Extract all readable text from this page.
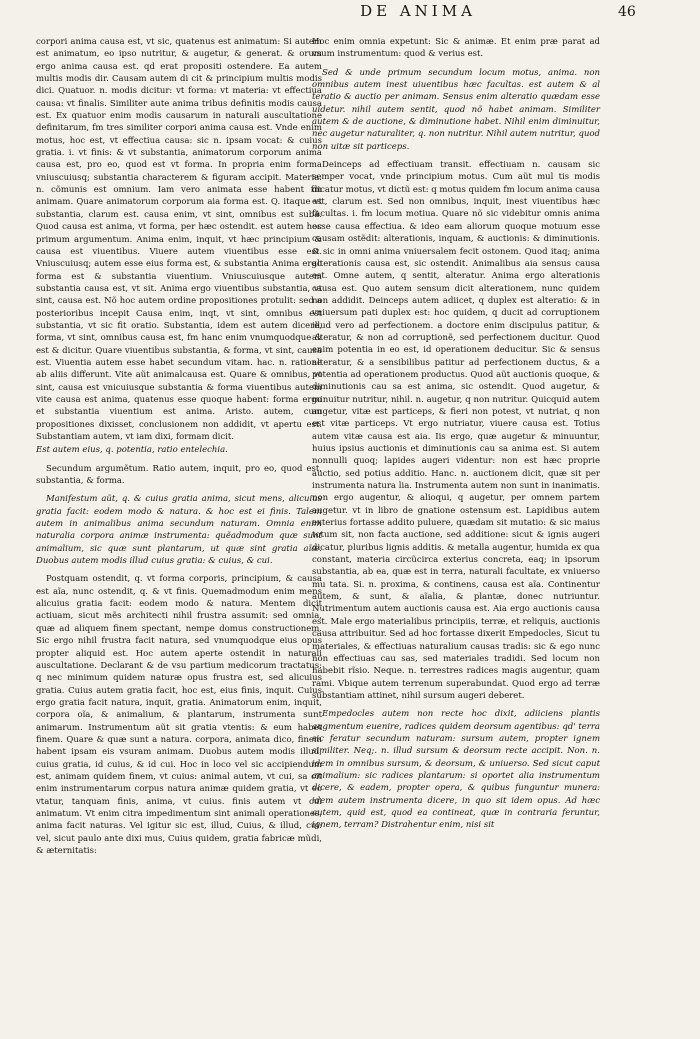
DE ANIMA	46

corpori anima causa est, vt sic, quatenus est animatum: Si autem est animatum, eo ipso nutritur, & augetur, & generat. & orum ergo anima causa est. qd erat propositi ostendere. Ea autem multis modis dir. Causam autem di cit & principium multis modis dici. Quatuor. n. modis dicitur: vt forma: vt materia: vt effectiua causa: vt finalis. Similiter aute anima tribus definitis modis causa est. Ex quatuor enim modis causarum in naturali auscultatione definitarum, fm tres similiter corpori anima causa est. Vnde enim motus, hoc est, vt effectiua causa: sic n. ipsam vocat: & cuius gratia. i. vt finis: & vt substantia, animatorum corporum anima causa est, pro eo, quod est vt forma. In propria enim forma vniuscuiusq; substantia characterem & figuram accipit. Materia. n. cõmunis est omnium. Iam vero animata esse habent fm animam. Quare animatorum corporum aia forma est. Q. itaque vt substantia, clarum est. causa enim, vt sint, omnibus est subã. Quod causa est anima, vt forma, per hæc ostendit. est autem hoc primum argumentum. Anima enim, inquit, vt hæc principium & causa est viuentibus. Viuere autem viuentibus esse est. Vniuscuiusq; autem esse eius forma est, & substantia Anima ergo forma est & substantia viuentium. Vniuscuiusque autem substantia causa est, vt sit. Anima ergo viuentibus substantia, vt sint, causa est. Nõ hoc autem ordine propositiones protulit: sed a posterioribus incepit Causa enim, inqt, vt sint, omnibus est substantia, vt sic fit oratio. Substantia, idem est autem dicere, forma, vt sint, omnibus causa est, fm hanc enim vnumquodque & est & dicitur. Quare viuentibus substantia, & forma, vt sint, causa est. Viuentia autem esse habet secundum vitam. hac. n. ratione ab aliis differunt. Vite aũt animalcausa est. Quare & omnibus, vt sint, causa est vnicuiusque substantia & forma viuentibus autem vite causa est anima, quatenus esse quoque habent: forma ergo et substantia viuentium est anima. Aristo. autem, cum propositiones dixisset, conclusionem non addidit, vt apertu est. Substantiam autem, vt iam dixi, formam dicit.

Est autem eius, q. potentia, ratio entelechia.

Secundum argumẽtum. Ratio autem, inquit, pro eo, quod est, substantia, & forma.

Manifestum aũt, q. & cuius gratia anima, sicut mens, alicuius gratia facit: eodem modo & natura. & hoc est ei finis. Talem autem in animalibus anima secundum naturam. Omnia enim naturalia corpora animæ instrumenta: quẽadmodum quæ sunt animalium, sic quæ sunt plantarum, ut quæ sint gratia aĩæ. Duobus autem modis illud cuius gratia: & cuius, & cui.

Postquam ostendit, q. vt forma corporis, principium, & causa est aĩa, nunc ostendit, q. & vt finis. Quemadmodum enim mens alicuius gratia facit: eodem modo & natura. Mentem dicit actiuam, sicut mẽs architecti nihil frustra assumit: sed omnia, quæ ad aliquem finem spectant, nempe domus constructionem. Sic ergo nihil frustra facit natura, sed vnumquodque eius opus propter aliquid est. Hoc autem aperte ostendit in naturali auscultatione. Declarant & de vsu partium medicorum tractatus: q nec minimum quidem naturæ opus frustra est, sed alicuius gratia. Cuius autem gratia facit, hoc est, eius finis, inquit. Cuius ergo gratia facit natura, inquit, gratia. Animatorum enim, inquit, corpora oĩa, & animalium, & plantarum, instrumenta sunt animarum. Instrumentum aũt sit gratia vtentis: & eum habet finem. Quare & quæ sunt a natura. corpora, animata dico, finem habent ipsam eis vsuram animam. Duobus autem modis illud, cuius gratia, id cuius, & id cui. Hoc in loco vel sic accipiendum est, animam quidem finem, vt cuius: animal autem, vt cui, sa cit enim instrumentarum corpus natura animæ quidem gratia, vt eo vtatur, tanquam finis, anima, vt cuius. finis autem vt cui animatum. Vt enim citra impedimentum sint animali operationes, anima facit naturas. Vel igitur sic est, illud, Cuius, & illud, cui: vel, sicut paulo ante dixi mus, Cuius quidem, gratia fabricæ mũdi, & æternitatis:

Hoc enim omnia expetunt: Sic & animæ. Et enim præ parat ad vsum instrumentum: quod & verius est.

Sed & unde primum secundum locum motus, anima. non omnibus autem inest uiuentibus hæc facultas. est autem & al teratio & auctio per animam. Sensus enim alteratio quædam esse uidetur. nihil autem sentit, quod nõ habet animam. Similiter autem & de auctione, & diminutione habet. Nihil enim diminuitur, nec augetur naturaliter, q. non nutritur. Nihil autem nutritur, quod non uitæ sit particeps.

Deinceps ad effectiuam transit. effectiuam n. causam sic semper vocat, vnde principium motus. Cum aũt mul tis modis dicatur motus, vt dictũ est: q motus quidem fm locum anima causa est, clarum est. Sed non omnibus, inquit, inest viuentibus hæc facultas. i. fm locum motiua. Quare nõ sic videbitur omnis anima esse causa effectiua. & ideo eam aliorum quoque motuum esse causam ostẽdit: alterationis, inquam, & auctionis: & diminutionis. & sic in omni anima vniuersalem fecit ostonem. Quod itaq; anima alterationis causa est, sic ostendit. Animalibus aia sensus causa est. Omne autem, q sentit, alteratur. Anima ergo alterationis causa est. Quo autem sensum dicit alterationem, nunc quidem non addidit. Deinceps autem adiicet, q duplex est alteratio: & in vniuersum pati duplex est: hoc quidem, q ducit ad corruptionem illud vero ad perfectionem. a doctore enim discipulus patitur, & alteratur, & non ad corruptionẽ, sed perfectionem ducitur. Quod enim potentia in eo est, id operationem deducitur. Sic & sensus alteratur, & a sensibilibus patitur ad perfectionem ductus, & a potentia ad operationem productus. Quod aũt auctionis quoque, & diminutionis cau sa est anima, sic ostendit. Quod augetur, & minuitur nutritur, nihil. n. augetur, q non nutritur. Quicquid autem augetur, vitæ est particeps, & fieri non potest, vt nutriat, q non est vitæ particeps. Vt ergo nutriatur, viuere causa est. Totius autem vitæ causa est aia. Iis ergo, quæ augetur & minuuntur, huius ipsius auctionis et diminutionis cau sa anima est. Si autem nonnulli quoq; lapides augeri videntur: non est hæc proprie auctio, sed potius additio. Hanc. n. auctionem dicit, quæ sit per instrumenta natura lia. Instrumenta autem non sunt in inanimatis. non ergo augentur, & alioqui, q augetur, per omnem partem augetur. vt in libro de gnatione ostensum est. Lapidibus autem exterius fortasse addito puluere, quædam sit mutatio: & sic maius totum sit, non facta auctione, sed additione: sicut & ignis augeri dicatur, pluribus lignis additis. & metalla augentur, humida ex qua constant, materia circũcirca exterius concreta, eaq; in ipsorum substantia, ab ea, quæ est in terra, naturali facultate, ex vniuerso mu tata. Si. n. proxima, & continens, causa est aĩa. Continentur autem, & sunt, & aĩalia, & plantæ, donec nutriuntur. Nutrimentum autem auctionis causa est. Aia ergo auctionis causa est. Male ergo materialibus principiis, terræ, et reliquis, auctionis causa attribuitur. Sed ad hoc fortasse dixerit Empedocles, Sicut tu materiales, & effectiuas naturalium causas tradis: sic & ego nunc non effectiuas cau sas, sed materiales tradidi. Sed locum non habebit rĩsio. Neque. n. terrestres radices magis augentur, quam rami. Vbique autem terrenum superabundat. Quod ergo ad terræ substantiam attinet, nihil sursum augeri deberet.

Empedocles autem non recte hoc dixit, adiiciens plantis augmentum euenire, radices quidem deorsum agentibus: qd' terra sic feratur secundum naturam: sursum autem, propter ignem similiter. Neq;. n. illud sursum & deorsum recte accipit. Non. n. idem in omnibus sursum, & deorsum, & uniuerso. Sed sicut caput animalium: sic radices plantarum: si oportet alia instrumentum dicere, & eadem, propter opera, & quibus funguntur munera: idem autem instrumenta dicere, in quo sit idem opus. Ad hæc autem, quid est, quod ea contineat, quæ in contraria feruntur, ignem, terram? Distrahentur enim, nisi sit
